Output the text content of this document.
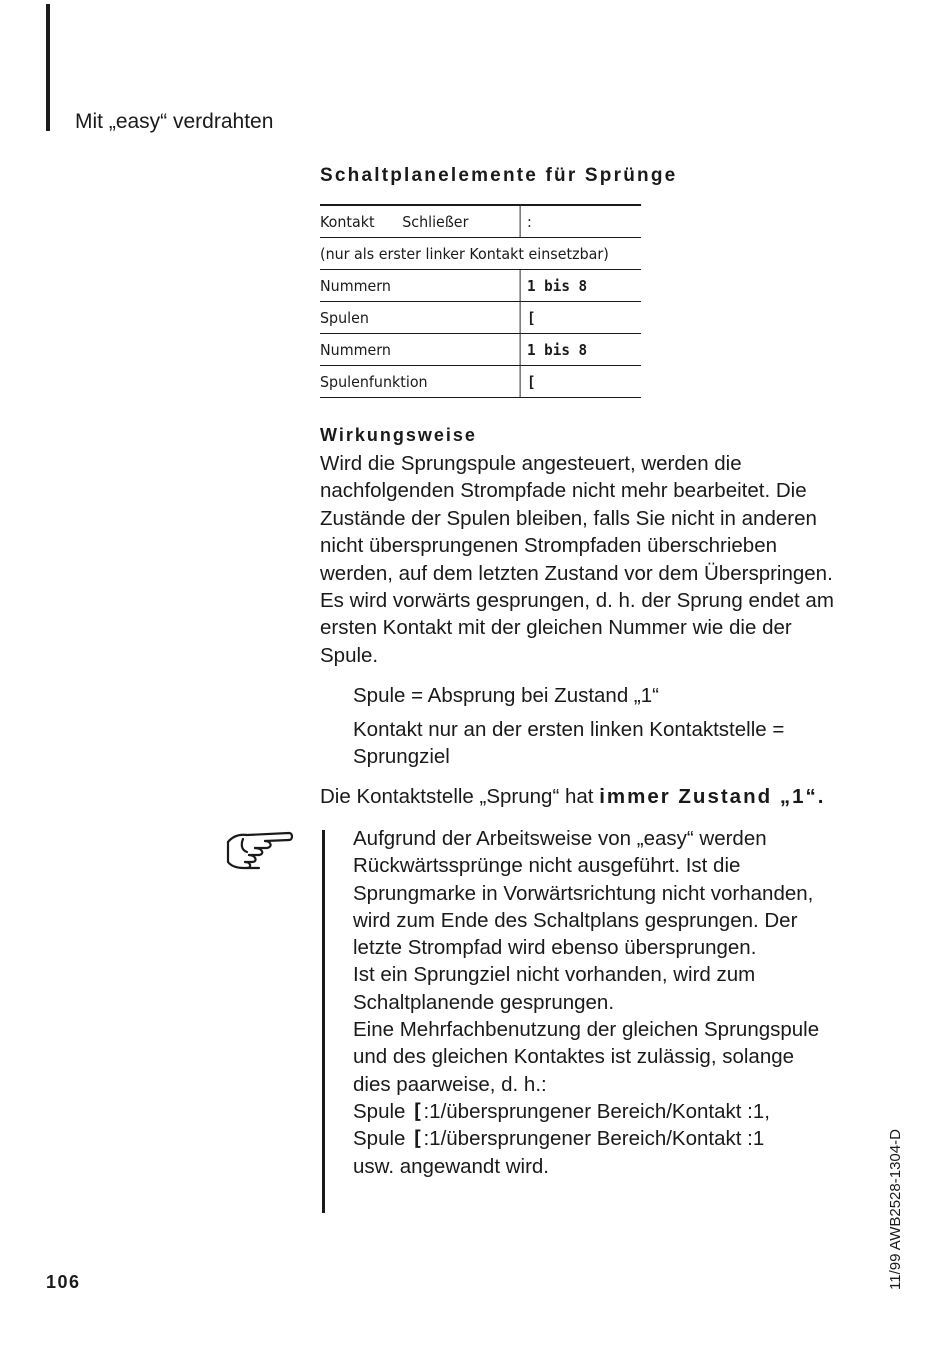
Mit „easy“ verdrahten
Schaltplanelemente für Sprünge
Kontakt Schließer	:
(nur als erster linker Kontakt einsetzbar)	
Nummern	1 bis 8
Spulen	[
Nummern	1 bis 8
Spulenfunktion	[
Wirkungsweise

Wird die Sprungspule angesteuert, werden die nachfolgenden Strompfade nicht mehr bearbeitet. Die Zustände der Spulen bleiben, falls Sie nicht in anderen nicht übersprungenen Strompfaden überschrieben werden, auf dem letzten Zustand vor dem Überspringen. Es wird vorwärts gesprungen, d. h. der Sprung endet am ersten Kontakt mit der gleichen Nummer wie die der Spule.

Spule = Absprung bei Zustand „1“
Kontakt nur an der ersten linken Kontaktstelle = Sprungziel
Die Kontaktstelle „Sprung“ hat immer Zustand „1“.

Aufgrund der Arbeitsweise von „easy“ werden Rückwärtssprünge nicht ausgeführt. Ist die Sprungmarke in Vorwärtsrichtung nicht vorhanden, wird zum Ende des Schaltplans gesprungen. Der letzte Strompfad wird ebenso übersprungen.

Ist ein Sprungziel nicht vorhanden, wird zum Schaltplanende gesprungen.

Eine Mehrfachbenutzung der gleichen Sprungspule und des gleichen Kontaktes ist zulässig, solange dies paarweise, d. h.:

Spule [:1/übersprungener Bereich/Kontakt :1,

Spule [:1/übersprungener Bereich/Kontakt :1

usw. angewandt wird.

106	11/99 AWB2528-1304-D
